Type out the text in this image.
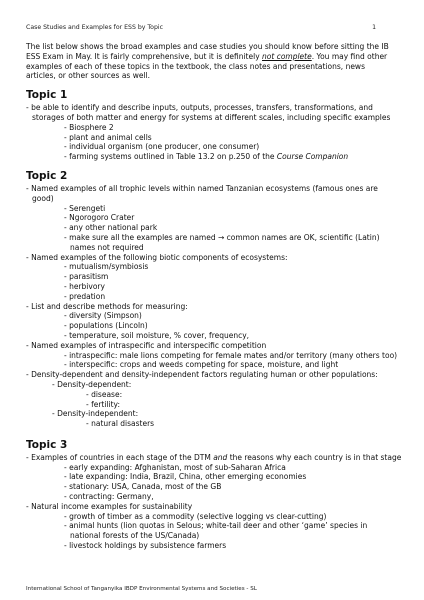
Case Studies and Examples for ESS by Topic	1

The list below shows the broad examples and case studies you should know before sitting the IB ESS Exam in May. It is fairly comprehensive, but it is definitely not complete. You may find other examples of each of these topics in the textbook, the class notes and presentations, news articles, or other sources as well.

Topic 1
- be able to identify and describe inputs, outputs, processes, transfers, transformations, and storages of both matter and energy for systems at different scales, including specific examples
- Biosphere 2
- plant and animal cells
- individual organism (one producer, one consumer)
- farming systems outlined in Table 13.2 on p.250 of the Course Companion
Topic 2
- Named examples of all trophic levels within named Tanzanian ecosystems (famous ones are good)
- Serengeti
- Ngorogoro Crater
- any other national park
- make sure all the examples are named → common names are OK, scientific (Latin) names not required
- Named examples of the following biotic components of ecosystems:
- mutualism/symbiosis
- parasitism
- herbivory
- predation
- List and describe methods for measuring:
- diversity (Simpson)
- populations (Lincoln)
- temperature, soil moisture, % cover, frequency,
- Named examples of intraspecific and interspecific competition
- intraspecific: male lions competing for female mates and/or territory (many others too)
- interspecific: crops and weeds competing for space, moisture, and light
- Density-dependent and density-independent factors regulating human or other populations:
- Density-dependent:
- disease:
- fertility:
- Density-independent:
- natural disasters
Topic 3
- Examples of countries in each stage of the DTM and the reasons why each country is in that stage
- early expanding: Afghanistan, most of sub-Saharan Africa
- late expanding: India, Brazil, China, other emerging economies
- stationary: USA, Canada, most of the GB
- contracting: Germany,
- Natural income examples for sustainability
- growth of timber as a commodity (selective logging vs clear-cutting)
- animal hunts (lion quotas in Selous; white-tail deer and other ‘game’ species in national forests of the US/Canada)
- livestock holdings by subsistence farmers
International School of Tanganyika IBDP Environmental Systems and Societies - SL
